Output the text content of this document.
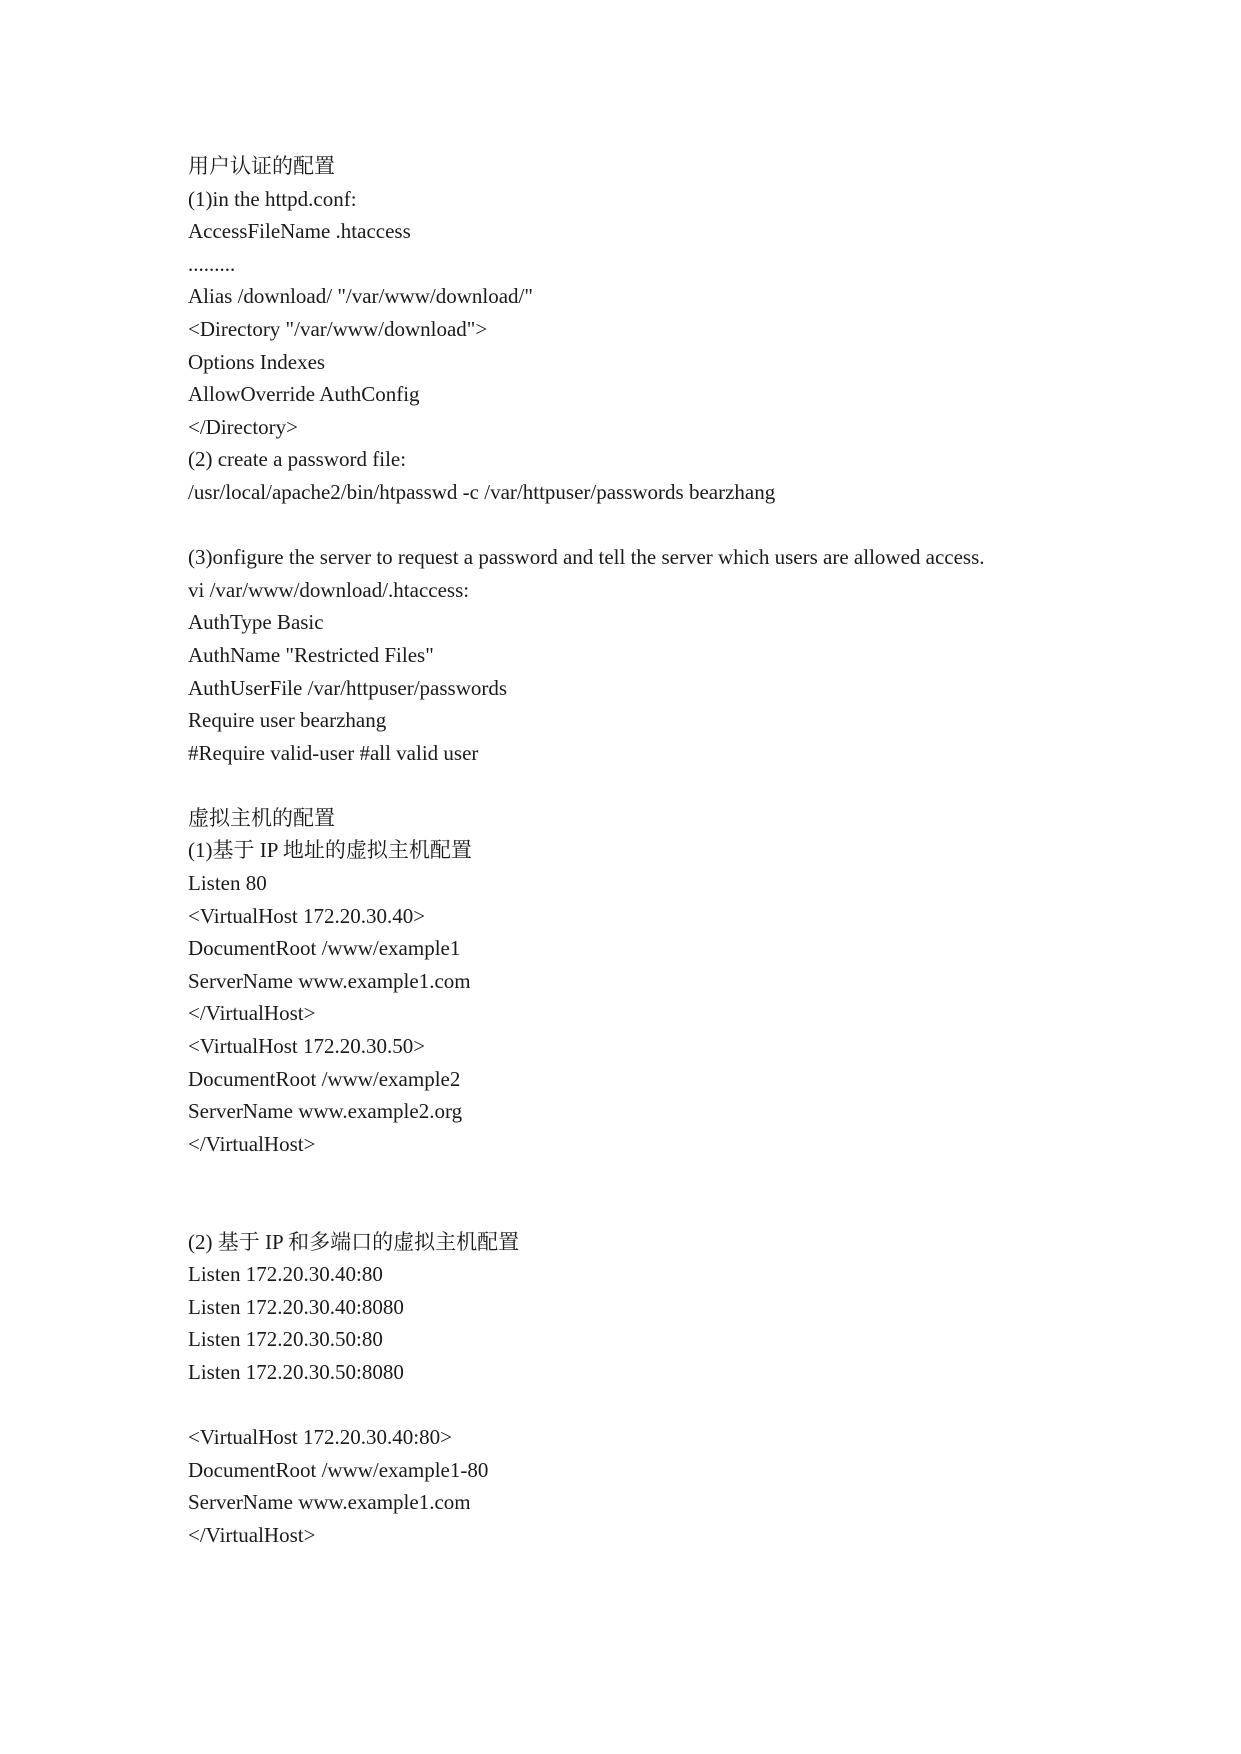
用户认证的配置
(1)in the httpd.conf:
AccessFileName .htaccess
.........
Alias /download/ "/var/www/download/"
<Directory "/var/www/download">
Options Indexes
AllowOverride AuthConfig
</Directory>
(2) create a password file:
/usr/local/apache2/bin/htpasswd -c /var/httpuser/passwords bearzhang
(3)onfigure the server to request a password and tell the server which users are allowed access.
vi /var/www/download/.htaccess:
AuthType Basic
AuthName "Restricted Files"
AuthUserFile /var/httpuser/passwords
Require user bearzhang
#Require valid-user #all valid user
虚拟主机的配置
(1)基于 IP 地址的虚拟主机配置
Listen 80
<VirtualHost 172.20.30.40>
DocumentRoot /www/example1
ServerName www.example1.com
</VirtualHost>
<VirtualHost 172.20.30.50>
DocumentRoot /www/example2
ServerName www.example2.org
</VirtualHost>
(2) 基于 IP 和多端口的虚拟主机配置
Listen 172.20.30.40:80
Listen 172.20.30.40:8080
Listen 172.20.30.50:80
Listen 172.20.30.50:8080
<VirtualHost 172.20.30.40:80>
DocumentRoot /www/example1-80
ServerName www.example1.com
</VirtualHost>
